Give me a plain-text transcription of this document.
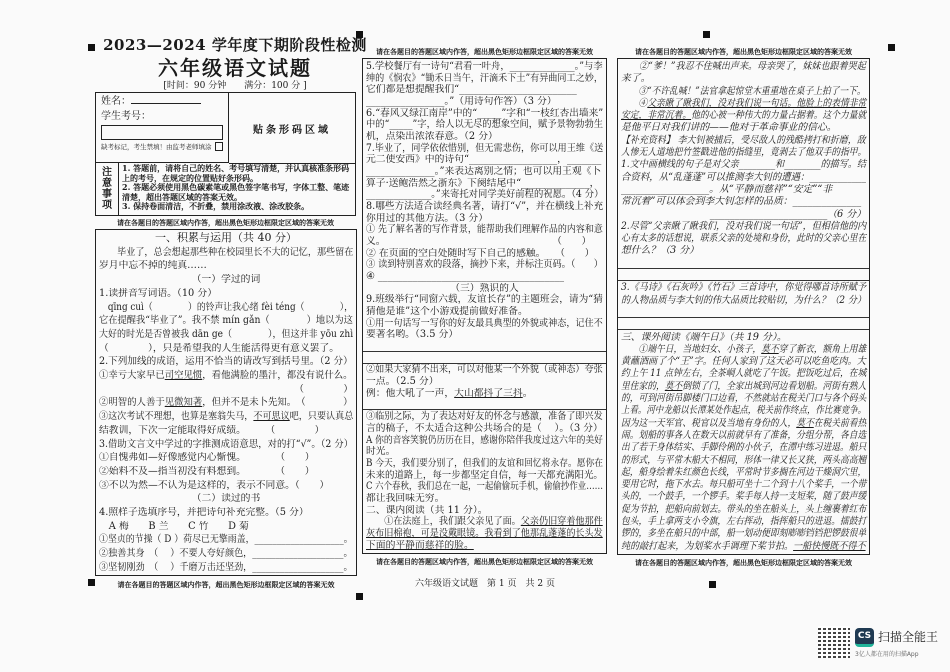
2023—2024 学年度下期阶段性检测
六年级语文试题
[时间：90 分钟　　满分：100 分 ]
姓名：
学生考号：
缺考标记，考生禁填！由监考老师填涂
贴条形码区域
注
意
事
项
1. 答题前，请将自己的姓名、考号填写清楚，并认真核准条形码上的考号，在规定的位置贴好条形码。
2. 答题必须使用黑色碳素笔或黑色签字笔书写，字体工整、笔迹清楚，超出答题区域的答案无效。
3. 保持卷面清洁，不折叠，禁用涂改液、涂改胶条。
请在各题目的答题区域内作答，超出黑色矩形边框限定区域的答案无效
一、积累与运用（共 40 分）
　　毕业了，总会想起那些种在校园里长不大的记忆，那些留在
岁月中忘不掉的纯真……
（一）学过的词
1.读拼音写词语。（10 分）
　qīng cuì（　　　　）的铃声让我心绪 fèi téng（　　　　），
它在提醒我“毕业了”。我不禁 mín gǎn（　　　　）地以为这
大好的时光是否曾被我 dān ge（　　　　），但这并非 yōu zhì
（　　　　），只是希望我的人生能活得更有意义罢了。
2.下列加线的成语，运用不恰当的请改写到括号里。（2 分）
①幸亏大家早已司空见惯，看他满脸的墨汁，都没有说什么。
（　　　　）
②明智的人善于见微知著，但并不是未卜先知。　（　　　　）
③这次考试不理想，也算是塞翁失马，不可思议吧，只要认真总
结教训，下次一定能取得好成绩。　　　（　　　　）
3.借助文言文中学过的字推测成语意思，对的打“√”。（2 分）
①自愧弗如—好像感觉内心惭愧。　　　　（　　）
②始料不及—指当初没有料想到。　　　　（　　）
③不以为然—不认为是这样的，表示不同意。（　　）
（二）读过的书
4.照样子选填序号，并把诗句补充完整。（5 分）
　A 梅　　B 兰　　C 竹　　D 菊
①坚贞的节操（ D ）荷尽已无擎雨盖，____________________。
②独善其身　（　 ）不要人夸好颜色，____________________。
③坚韧刚劲　（　 ）千磨万击还坚劲，____________________。
请在各题目的答题区域内作答，超出黑色矩形边框限定区域的答案无效
5.学校餐厅有一诗句“君看一叶舟，______________。”与李
绅的《悯农》“锄禾日当午，汗滴禾下土”有异曲同工之妙，
它们都是想提醒我们“________________________
________________。”（用诗句作答）（3 分）
6.“春风又绿江南岸”中的“_____”字和“一枝红杏出墙来”
中的“_____”字，给人以无尽的想象空间，赋予景物勃勃生
机，点染出浓浓春意。（2 分）
7.毕业了，同学依依惜别，但无需悲伤，你可以用王维《送
元二使安西》中的诗句“__________________，_______
______________。”来表达离别之情；也可以用王观《卜
算子·送鲍浩然之浙东》下阕结尾中“______________，
______________。”来寄托对同学美好前程的祝愿。（4 分）
8.哪些方法适合读经典名著，请打“√”，并在横线上补充
你用过的其他方法。（3 分）
① 先了解名著的写作背景，能帮助我们理解作品的内容和意
义。　　　　　　　　　　　　　　　　　　（　　）
② 在页面的空白处随时写下自己的感触。　　（　　）
③ 读到特别喜欢的段落，摘抄下来，并标注页码。（　　）
④ ______________________________________
（三）熟识的人
9.班级举行“同窗六载，友谊长存”的主题班会，请为“猜
猜他是谁”这个小游戏提前做好准备。
①用一句话写一写你的好友最具典型的外貌或神态，记住不
要著名哟。（3.5 分）
②如果大家猜不出来，可以对他某一个外貌（或神态）夸张
一点。（2.5 分）
例：他大吼了一声，大山都抖了三抖。
③临别之际，为了表达对好友的怀念与感激，准备了即兴发
言的稿子，不太适合这种公共场合的是（　 ）。（3 分）
A 你的音容笑貌仍历历在目，感谢你陪伴我度过这六年的美好
时光。
B 今天，我们要分别了，但我们的友谊和回忆将永存。愿你在
未来的道路上，每一步都坚定自信，每一天都充满阳光。
C 六个春秋，我们总在一起，一起偷偷玩手机，偷偷抄作业……
都让我回味无穷。
二、课内阅读（共 11 分）。
　　①在法庭上，我们跟父亲见了面。父亲仍旧穿着他那件
灰布旧棉袍，可是没戴眼镜。我看到了他那乱蓬蓬的长头发
下面的平静而慈祥的脸。
请在各题目的答题区域内作答，超出黑色矩形边框限定区域的答案无效
请在各题目的答题区域内作答，超出黑色矩形边框限定区域的答案无效
　　②“爹！”我忍不住喊出声来。母亲哭了，妹妹也跟着哭起
来了。
　　③“不许乱喊！”法官拿起惊堂木重重地在桌子上拍了一下。
　　④父亲瞅了瞅我们，没对我们说一句话。他脸上的表情非常
安定，非常沉着。他的心被一种伟大的力量占据着。这个力量就
是他平日对我们讲的——他对于革命事业的信心。
【补充资料】 李大钊被捕后，受尽敌人的残酷拷打和折磨，敌
人惨无人道地把竹签戳进他的指缝里，竟剥去了他双手的指甲。
1.文中画横线的句子是对父亲________和________的描写。结
合资料，从“乱蓬蓬”可以推测李大钊的遭遇：____________
__________________。从“平静而慈祥”“安定”“非
常沉着”可以体会到李大钊怎样的品质：______________
________________________（6 分）
2.尽管“父亲瞅了瞅我们，没对我们说一句话”，但相信他的内
心有太多的话想说，联系父亲的处境和身份，此时的父亲心里在
想什么？（3 分）
3.《马诗》《石灰吟》《竹石》三首诗中，你觉得哪首诗所赋予
的人物品质与李大钊的伟大品质比较贴切，为什么？（2 分）
三、课外阅读《端午日》（共 19 分）。
　　①端午日，当地妇女、小孩子，莫不穿了新衣，额角上用雄
黄蘸酒画了个“王”字。任何人家到了这天必可以吃鱼吃肉。大
约上午 11 点钟左右，全茶峒人就吃了午饭。把饭吃过后，在城
里住家的，莫不倒锁了门，全家出城到河边看划船。河街有熟人
的，可到河街吊脚楼门口边看，不然就站在税关门口与各个码头
上看。河中龙船以长潭某处作起点，税关前作终点，作比赛竞争。
因为这一天军官、税官以及当地有身份的人，莫不在税关前看热
闹。划船的事各人在数天以前就早有了准备，分组分帮，各自选
出了若干身体结实、手脚伶俐的小伙子，在潭中练习进退。船只
的形式，与平常木船大不相同，形体一律又长又狭，两头高高翘
起，船身绘着朱红颜色长线，平常时节多搁在河边干燥洞穴里，
要用它时，拖下水去。每只船可坐十二个到十八个桨手，一个带
头的，一个鼓手，一个锣手。桨手每人持一支短桨，随了鼓声缓
促为节拍，把船向前划去。带头的坐在船头上，头上缠裹着红布
包头，手上拿两支小令旗，左右挥动，指挥船只的进退。擂鼓打
锣的，多坐在船只的中部，船一划动便即刻嘭嘭铛铛把锣鼓很单
纯的敲打起来，为划桨水手调理下桨节拍。一船快慢既不得不
请在各题目的答题区域内作答，超出黑色矩形边框限定区域的答案无效
请在各题目的答题区域内作答，超出黑色矩形边框限定区域的答案无效	六年级语文试题　第 1 页　共 2 页
CS 扫描全能王
3亿人都在用的扫描App
